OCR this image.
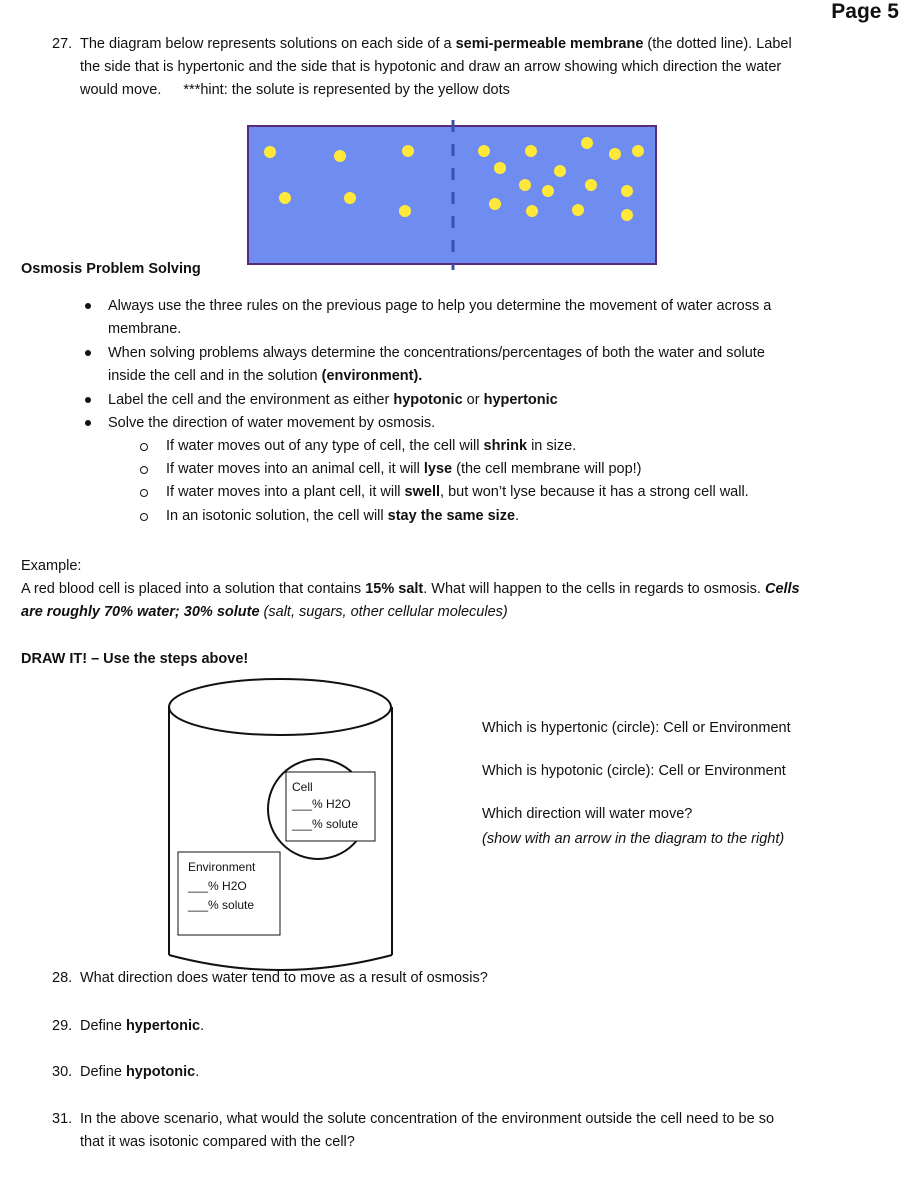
Page 5
27. The diagram below represents solutions on each side of a semi-permeable membrane (the dotted line). Label
the side that is hypertonic and the side that is hypotonic and draw an arrow showing which direction the water
would move. ***hint: the solute is represented by the yellow dots
Osmosis Problem Solving
Always use the three rules on the previous page to help you determine the movement of water across a
membrane.
When solving problems always determine the concentrations/percentages of both the water and solute
inside the cell and in the solution (environment).
Label the cell and the environment as either hypotonic or hypertonic
Solve the direction of water movement by osmosis.
If water moves out of any type of cell, the cell will shrink in size.
If water moves into an animal cell, it will lyse (the cell membrane will pop!)
If water moves into a plant cell, it will swell, but won’t lyse because it has a strong cell wall.
In an isotonic solution, the cell will stay the same size.
Example:
A red blood cell is placed into a solution that contains 15% salt. What will happen to the cells in regards to osmosis. Cells
are roughly 70% water; 30% solute (salt, sugars, other cellular molecules)
DRAW IT! – Use the steps above!
Cell
___% H2O
___% solute
Environment
___% H2O
___% solute
Which is hypertonic (circle): Cell or Environment
Which is hypotonic (circle): Cell or Environment
Which direction will water move?
(show with an arrow in the diagram to the right)
28. What direction does water tend to move as a result of osmosis?
29. Define hypertonic.
30. Define hypotonic.
31. In the above scenario, what would the solute concentration of the environment outside the cell need to be so
that it was isotonic compared with the cell?
